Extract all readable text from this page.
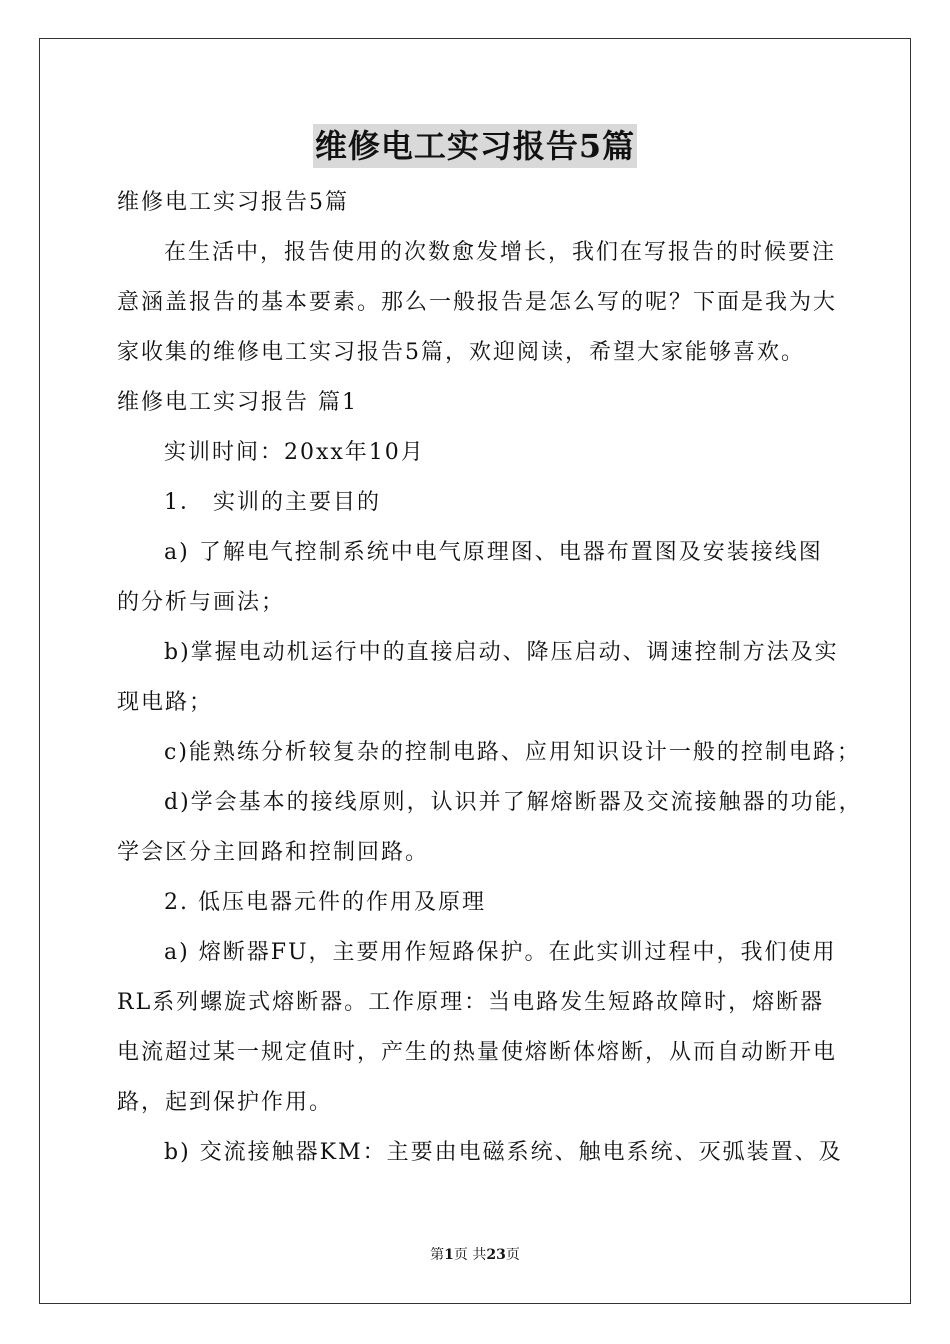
维修电工实习报告5篇
维修电工实习报告5篇
在生活中，报告使用的次数愈发增长，我们在写报告的时候要注
意涵盖报告的基本要素。那么一般报告是怎么写的呢？下面是我为大
家收集的维修电工实习报告5篇，欢迎阅读，希望大家能够喜欢。
维修电工实习报告 篇1
实训时间：20xx年10月
1． 实训的主要目的
a) 了解电气控制系统中电气原理图、电器布置图及安装接线图
的分析与画法；
b)掌握电动机运行中的直接启动、降压启动、调速控制方法及实
现电路；
c)能熟练分析较复杂的控制电路、应用知识设计一般的控制电路；
d)学会基本的接线原则，认识并了解熔断器及交流接触器的功能，
学会区分主回路和控制回路。
2. 低压电器元件的作用及原理
a) 熔断器FU，主要用作短路保护。在此实训过程中，我们使用
RL系列螺旋式熔断器。工作原理：当电路发生短路故障时，熔断器
电流超过某一规定值时，产生的热量使熔断体熔断，从而自动断开电
路，起到保护作用。
b) 交流接触器KM：主要由电磁系统、触电系统、灭弧装置、及
第1页 共23页
